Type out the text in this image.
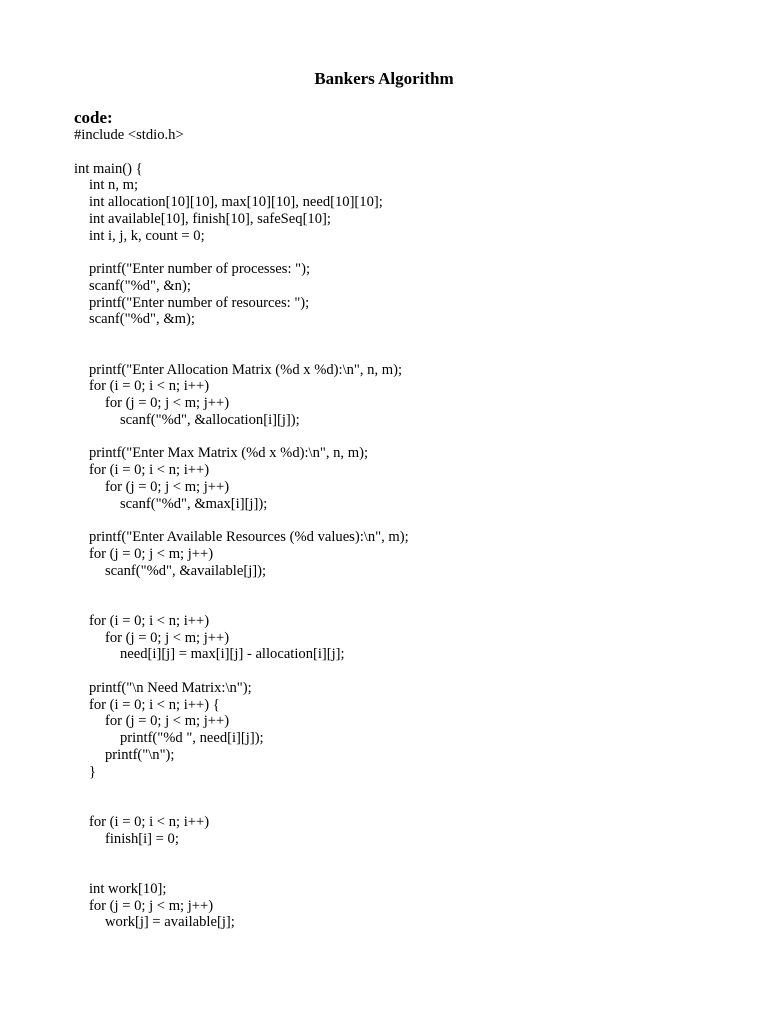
Bankers Algorithm
code:
#include <stdio.h>
int main() {
int n, m;
int allocation[10][10], max[10][10], need[10][10];
int available[10], finish[10], safeSeq[10];
int i, j, k, count = 0;
printf("Enter number of processes: ");
scanf("%d", &n);
printf("Enter number of resources: ");
scanf("%d", &m);
printf("Enter Allocation Matrix (%d x %d):\n", n, m);
for (i = 0; i < n; i++)
for (j = 0; j < m; j++)
scanf("%d", &allocation[i][j]);
printf("Enter Max Matrix (%d x %d):\n", n, m);
for (i = 0; i < n; i++)
for (j = 0; j < m; j++)
scanf("%d", &max[i][j]);
printf("Enter Available Resources (%d values):\n", m);
for (j = 0; j < m; j++)
scanf("%d", &available[j]);
for (i = 0; i < n; i++)
for (j = 0; j < m; j++)
need[i][j] = max[i][j] - allocation[i][j];
printf("\n Need Matrix:\n");
for (i = 0; i < n; i++) {
for (j = 0; j < m; j++)
printf("%d ", need[i][j]);
printf("\n");
}
for (i = 0; i < n; i++)
finish[i] = 0;
int work[10];
for (j = 0; j < m; j++)
work[j] = available[j];
